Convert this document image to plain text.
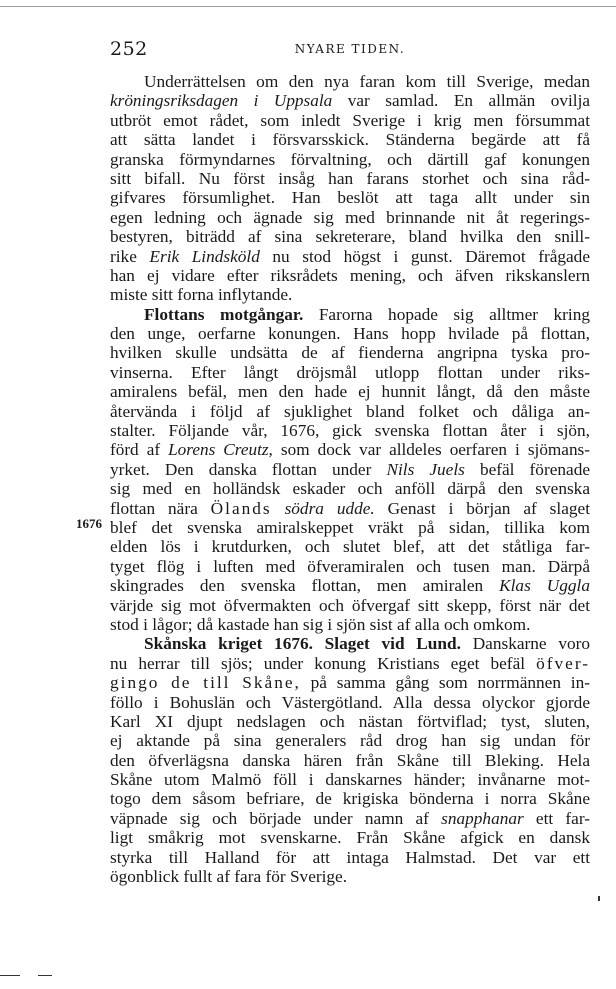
252	NYARE TIDEN.
1676
Underrättelsen om den nya faran kom till Sverige, medan
kröningsriksdagen i Uppsala var samlad. En allmän ovilja
utbröt emot rådet, som inledt Sverige i krig men försummat
att sätta landet i försvarsskick. Ständerna begärde att få
granska förmyndarnes förvaltning, och därtill gaf konungen
sitt bifall. Nu först insåg han farans storhet och sina råd-
gifvares försumlighet. Han beslöt att taga allt under sin
egen ledning och ägnade sig med brinnande nit åt regerings-
bestyren, biträdd af sina sekreterare, bland hvilka den snill-
rike Erik Lindsköld nu stod högst i gunst. Däremot frågade
han ej vidare efter riksrådets mening, och äfven rikskanslern
miste sitt forna inflytande.
Flottans motgångar. Farorna hopade sig alltmer kring
den unge, oerfarne konungen. Hans hopp hvilade på flottan,
hvilken skulle undsätta de af fienderna angripna tyska pro-
vinserna. Efter långt dröjsmål utlopp flottan under riks-
amiralens befäl, men den hade ej hunnit långt, då den måste
återvända i följd af sjuklighet bland folket och dåliga an-
stalter. Följande vår, 1676, gick svenska flottan åter i sjön,
förd af Lorens Creutz, som dock var alldeles oerfaren i sjömans-
yrket. Den danska flottan under Nils Juels befäl förenade
sig med en holländsk eskader och anföll därpå den svenska
flottan nära Ölands södra udde. Genast i början af slaget
blef det svenska amiralskeppet vräkt på sidan, tillika kom
elden lös i krutdurken, och slutet blef, att det ståtliga far-
tyget flög i luften med öfveramiralen och tusen man. Därpå
skingrades den svenska flottan, men amiralen Klas Uggla
värjde sig mot öfvermakten och öfvergaf sitt skepp, först när det
stod i lågor; då kastade han sig i sjön sist af alla och omkom.
Skånska kriget 1676. Slaget vid Lund. Danskarne voro
nu herrar till sjös; under konung Kristians eget befäl öfver-
gingo de till Skåne, på samma gång som norrmännen in-
föllo i Bohuslän och Västergötland. Alla dessa olyckor gjorde
Karl XI djupt nedslagen och nästan förtviflad; tyst, sluten,
ej aktande på sina generalers råd drog han sig undan för
den öfverlägsna danska hären från Skåne till Bleking. Hela
Skåne utom Malmö föll i danskarnes händer; invånarne mot-
togo dem såsom befriare, de krigiska bönderna i norra Skåne
väpnade sig och började under namn af snapphanar ett far-
ligt småkrig mot svenskarne. Från Skåne afgick en dansk
styrka till Halland för att intaga Halmstad. Det var ett
ögonblick fullt af fara för Sverige.
